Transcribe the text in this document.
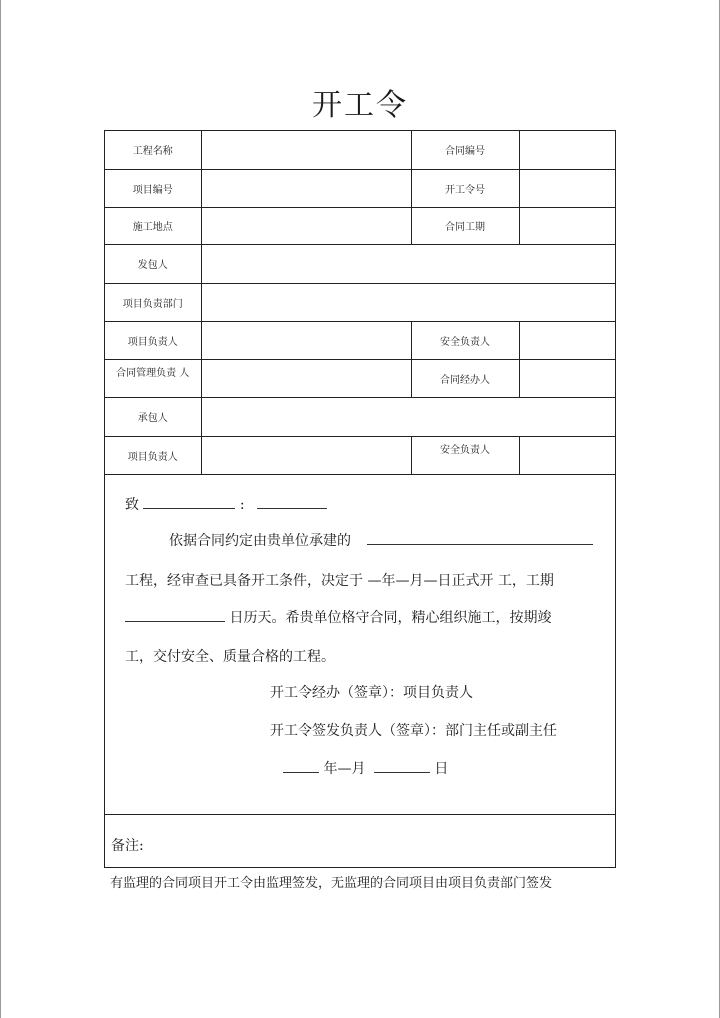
开工令
工程名称		合同编号	
项目编号		开工令号	
施工地点		合同工期	
发包人			
项目负责部门			
项目负责人		安全负责人	
合同管理负责 人		合同经办人	
承包人			
项目负责人		安全负责人	
致	:
依据合同约定由贵单位承建的
工程，经审查已具备开工条件，决定于 —年—月—日正式开 工，工期
日历天。希贵单位格守合同，精心组织施工，按期竣
工，交付安全、质量合格的工程。
开工令经办（签章）：项目负责人
开工令签发负责人（签章）：部门主任或副主任
年—月	日
备注:
有监理的合同项目开工令由监理签发，无监理的合同项目由项目负责部门签发
